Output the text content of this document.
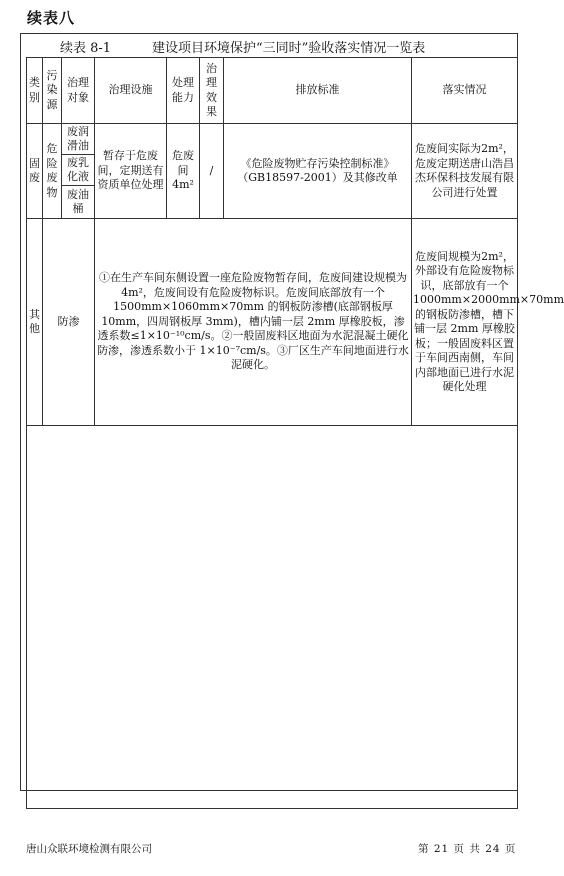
续表八
续表 8-1	建设项目环境保护“三同时”验收落实情况一览表
类别	污染源	治理对象	治理设施	处理能力	治理效果	排放标准	落实情况
固废	危险废物	废润滑油	暂存于危废间，定期送有资质单位处理	危废间 4m²	/	《危险废物贮存污染控制标准》（GB18597-2001）及其修改单	危废间实际为2m²，危废定期送唐山浩昌杰环保科技发展有限公司进行处置
		废乳化液					
		废油桶					
其他	防渗		①在生产车间东侧设置一座危险废物暂存间，危废间建设规模为 4m²，危废间设有危险废物标识。危废间底部放有一个1500mm×1060mm×70mm 的钢板防渗槽(底部钢板厚 10mm，四周钢板厚 3mm)，槽内铺一层 2mm 厚橡胶板，渗透系数≤1×10⁻¹⁰cm/s。②一般固废料区地面为水泥混凝土硬化防渗，渗透系数小于 1×10⁻⁷cm/s。③厂区生产车间地面进行水泥硬化。				危废间规模为2m²，外部设有危险废物标识，底部放有一个1000mm×2000mm×70mm 的钢板防渗槽，槽下铺一层 2mm 厚橡胶板；一般固废料区置于车间西南侧，车间内部地面已进行水泥硬化处理

唐山众联环境检测有限公司	第 21 页 共 24 页
